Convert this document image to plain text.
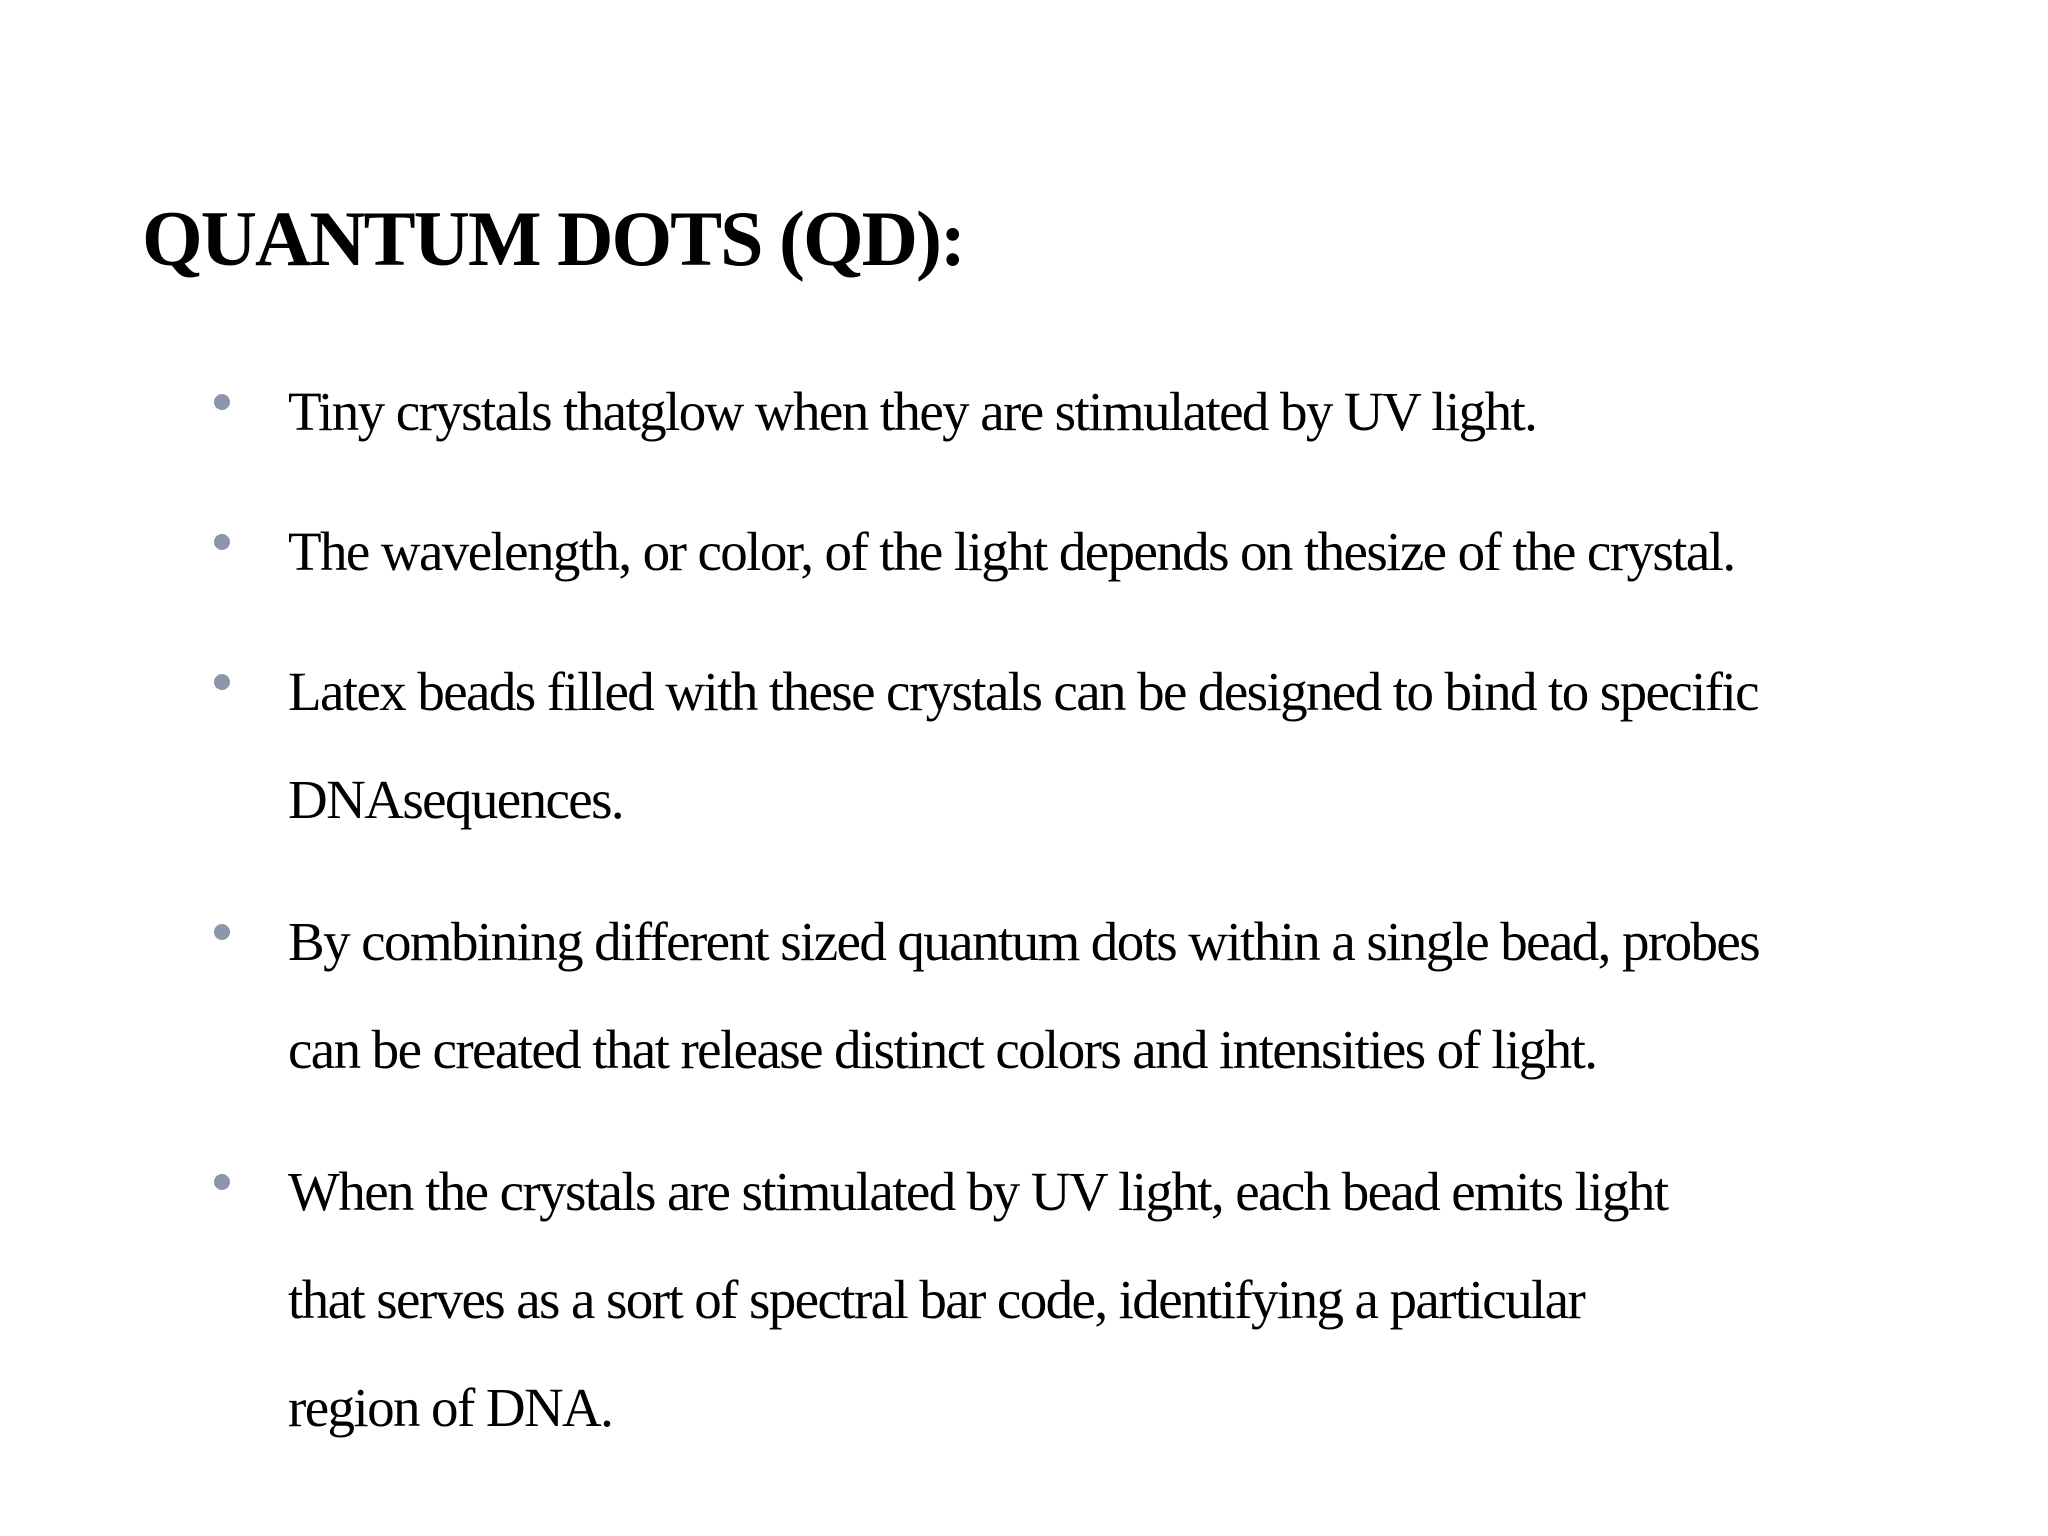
QUANTUM DOTS (QD):
Tiny crystals thatglow when they are stimulated by UV light.
The wavelength, or color, of the light depends on thesize of the crystal.
Latex beads filled with these crystals can be designed to bind to specific
DNAsequences.
By combining different sized quantum dots within a single bead, probes
can be created that release distinct colors and intensities of light.
When the crystals are stimulated by UV light, each bead emits light
that serves as a sort of spectral bar code, identifying a particular
region of DNA.
